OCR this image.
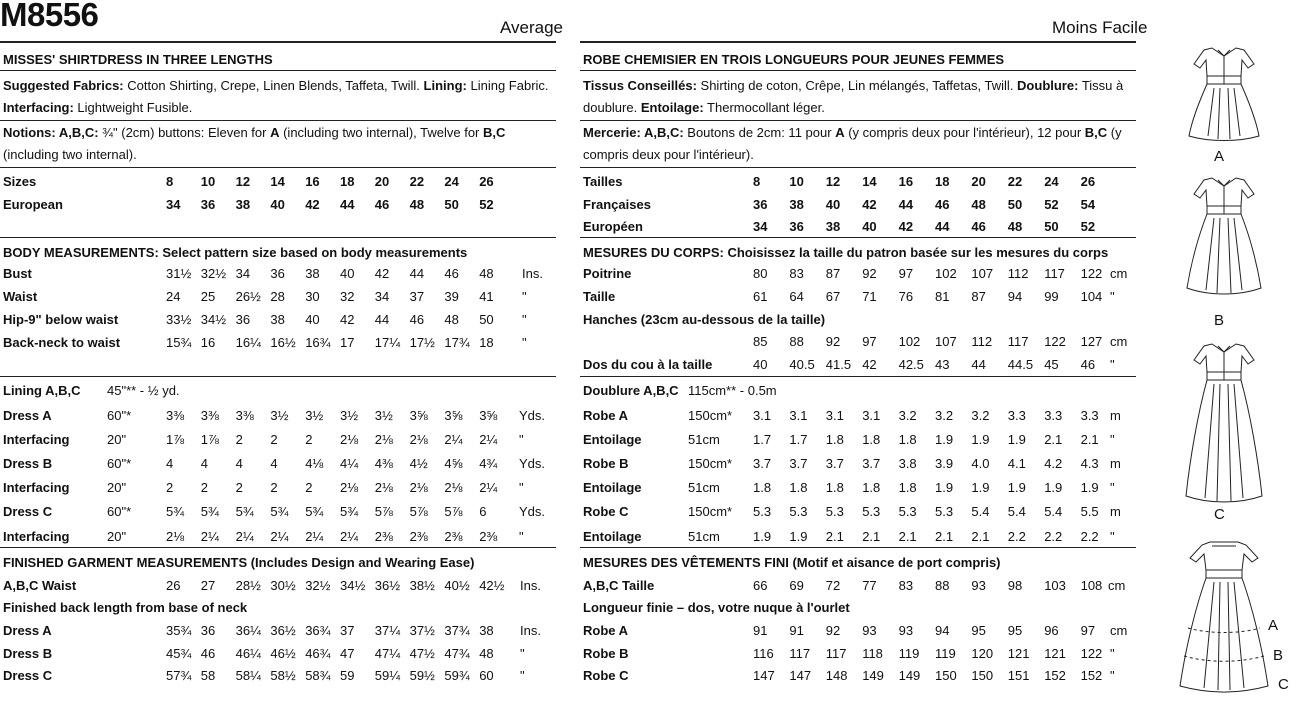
M8556	Average	Moins Facile
MISSES' SHIRTDRESS IN THREE LENGTHS
Suggested Fabrics: Cotton Shirting, Crepe, Linen Blends, Taffeta, Twill. Lining: Lining Fabric.
Interfacing: Lightweight Fusible.
Notions: A,B,C: ¾" (2cm) buttons: Eleven for A (including two internal), Twelve for B,C (including two internal).
Sizes	8 10 12 14 16 18 20 22 24 26
European	34 36 38 40 42 44 46 48 50 52
BODY MEASUREMENTS: Select pattern size based on body measurements
Bust	31½ 32½ 34 36 38 40 42 44 46 48 Ins.
Waist	24 25 26½ 28 30 32 34 37 39 41 "
Hip-9" below waist	33½ 34½ 36 38 40 42 44 46 48 50 "
Back-neck to waist	15¾ 16 16¼ 16½ 16¾ 17 17¼ 17½ 17¾ 18 "
Lining A,B,C 45"** - ½ yd.
Dress A	60"*	3⅜ 3⅜ 3⅜ 3½ 3½ 3½ 3½ 3⅝ 3⅝ 3⅝ Yds.
Interfacing	20"	1⅞ 1⅞ 2 2 2 2⅛ 2⅛ 2⅛ 2¼ 2¼ "
Dress B	60"*	4 4 4 4 4⅛ 4¼ 4⅜ 4½ 4⅝ 4¾ Yds.
Interfacing	20"	2 2 2 2 2 2⅛ 2⅛ 2⅛ 2⅛ 2¼ "
Dress C	60"*	5¾ 5¾ 5¾ 5¾ 5¾ 5¾ 5⅞ 5⅞ 5⅞ 6	Yds.
Interfacing	20"	2⅛ 2¼ 2¼ 2¼ 2¼ 2¼ 2⅜ 2⅜ 2⅜ 2⅜ "
FINISHED GARMENT MEASUREMENTS (Includes Design and Wearing Ease)
A,B,C Waist	26 27 28½ 30½ 32½ 34½ 36½ 38½ 40½ 42½ Ins.
Finished back length from base of neck
Dress A	35¾ 36 36¼ 36½ 36¾ 37 37¼ 37½ 37¾ 38 Ins.
Dress B	45¾ 46 46¼ 46½ 46¾ 47 47¼ 47½ 47¾ 48 "
Dress C	57¾ 58 58¼ 58½ 58¾ 59 59¼ 59½ 59¾ 60 "
ROBE CHEMISIER EN TROIS LONGUEURS POUR JEUNES FEMMES
Tissus Conseillés: Shirting de coton, Crêpe, Lin mélangés, Taffetas, Twill. Doublure: Tissu à doublure. Entoilage: Thermocollant léger.
Mercerie: A,B,C: Boutons de 2cm: 11 pour A (y compris deux pour l'intérieur), 12 pour B,C (y compris deux pour l'intérieur).
Tailles	8 10 12 14 16 18 20 22 24 26
Françaises	36 38 40 42 44 46 48 50 52 54
Européen	34 36 38 40 42 44 46 48 50 52
MESURES DU CORPS: Choisissez la taille du patron basée sur les mesures du corps
Poitrine	80 83 87 92 97 102 107 112 117 122 cm
Taille	61 64 67 71 76 81 87 94 99 104 "
Hanches (23cm au-dessous de la taille)
85 88 92 97 102 107 112 117 122 127 cm
Dos du cou à la taille	40 40.5 41.5 42 42.5 43 44 44.5 45 46 "
Doublure A,B,C 115cm** - 0.5m
Robe A	150cm* 3.1 3.1 3.1 3.1 3.2 3.2 3.2 3.3 3.3 3.3 m
Entoilage	51cm	1.7 1.7 1.8 1.8 1.8 1.9 1.9 1.9 2.1 2.1 "
Robe B	150cm* 3.7 3.7 3.7 3.7 3.8 3.9 4.0 4.1 4.2 4.3 m
Entoilage	51cm	1.8 1.8 1.8 1.8 1.8 1.9 1.9 1.9 1.9 1.9 "
Robe C	150cm* 5.3 5.3 5.3 5.3 5.3 5.3 5.4 5.4 5.4 5.5 m
Entoilage	51cm	1.9 1.9 2.1 2.1 2.1 2.1 2.1 2.2 2.2 2.2 "
MESURES DES VÊTEMENTS FINI (Motif et aisance de port compris)
A,B,C Taille	66 69 72 77 83 88 93 98 103 108 cm
Longueur finie – dos, votre nuque à l'ourlet
Robe A	91 91 92 93 93 94 95 95 96 97 cm
Robe B	116 117 117 118 119 119 120 121 121 122 "
Robe C	147 147 148 149 149 150 150 151 152 152 "
A
B
C
A
B
C
